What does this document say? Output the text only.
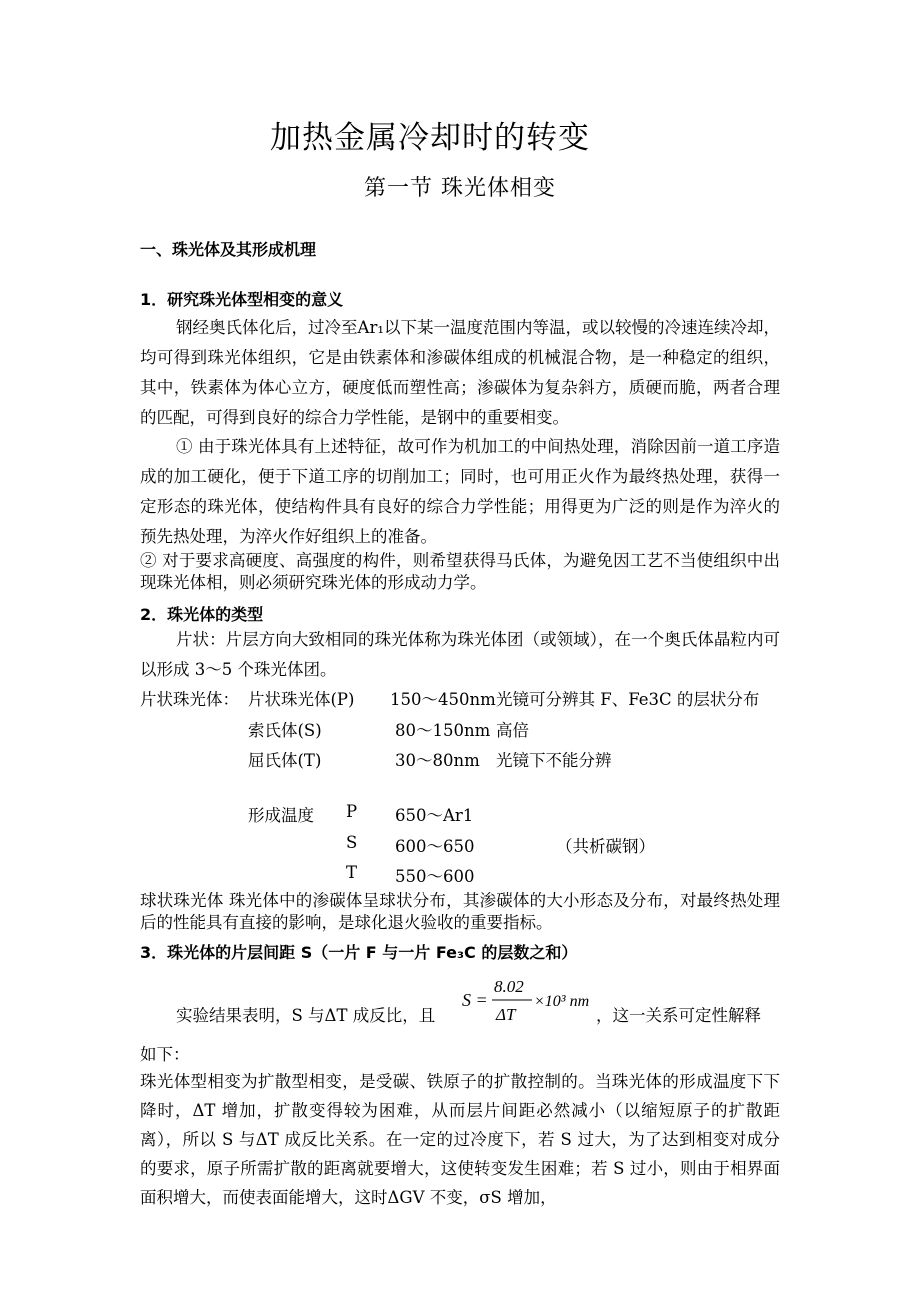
加热金属冷却时的转变
第一节 珠光体相变
一、珠光体及其形成机理
1．研究珠光体型相变的意义
钢经奥氏体化后，过冷至Ar₁以下某一温度范围内等温，或以较慢的冷速连续冷却，均可得到珠光体组织，它是由铁素体和渗碳体组成的机械混合物，是一种稳定的组织，其中，铁素体为体心立方，硬度低而塑性高；渗碳体为复杂斜方，质硬而脆，两者合理的匹配，可得到良好的综合力学性能，是钢中的重要相变。
① 由于珠光体具有上述特征，故可作为机加工的中间热处理，消除因前一道工序造成的加工硬化，便于下道工序的切削加工；同时，也可用正火作为最终热处理，获得一定形态的珠光体，使结构件具有良好的综合力学性能；用得更为广泛的则是作为淬火的预先热处理，为淬火作好组织上的准备。
② 对于要求高硬度、高强度的构件，则希望获得马氏体，为避免因工艺不当使组织中出现珠光体相，则必须研究珠光体的形成动力学。
2．珠光体的类型
片状：片层方向大致相同的珠光体称为珠光体团（或领域），在一个奥氏体晶粒内可以形成 3～5 个珠光体团。
片状珠光体： 片状珠光体(P) 150～450nm 光镜可分辨其 F、Fe3C 的层状分布
索氏体(S)	80～150nm 高倍
屈氏体(T)	30～80nm 光镜下不能分辨
形成温度 P 650～Ar1
S 600～650	（共析碳钢）
T 550～600
球状珠光体 珠光体中的渗碳体呈球状分布，其渗碳体的大小形态及分布，对最终热处理后的性能具有直接的影响，是球化退火验收的重要指标。
3．珠光体的片层间距 S（一片 F 与一片 Fe₃C 的层数之和）
S =
8.02
ΔT
×10³ nm
实验结果表明，S 与ΔT 成反比，且	，这一关系可定性解释
如下：
珠光体型相变为扩散型相变，是受碳、铁原子的扩散控制的。当珠光体的形成温度下下降时，ΔT 增加，扩散变得较为困难，从而层片间距必然减小（以缩短原子的扩散距离），所以 S 与ΔT 成反比关系。在一定的过冷度下，若 S 过大，为了达到相变对成分的要求，原子所需扩散的距离就要增大，这使转变发生困难；若 S 过小，则由于相界面面积增大，而使表面能增大，这时ΔGV 不变，σS 增加，
